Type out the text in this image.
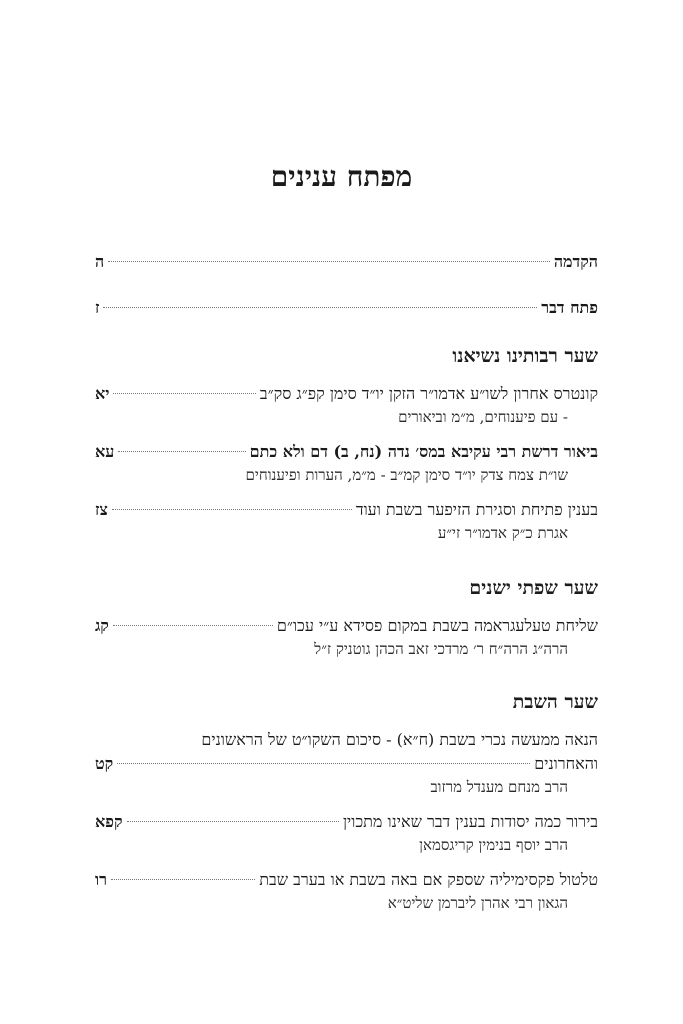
מפתח ענינים
הקדמה
ה
פתח דבר
ז
שער רבותינו נשיאנו
קונטרס אחרון לשו״ע אדמו״ר הזקן יו״ד סימן קפ״ג סק״ב
יא
- עם פיענוחים, מ״מ וביאורים
ביאור דרשת רבי עקיבא במס׳ נדה (נח, ב) דם ולא כתם
עא
שו״ת צמח צדק יו״ד סימן קמ״ב - מ״מ, הערות ופיענוחים
בענין פתיחת וסגירת הזיפער בשבת ועוד
צז
אגרת כ״ק אדמו״ר זי״ע
שער שפתי ישנים
שליחת טעלעגראמה בשבת במקום פסידא ע״י עכו״ם
קג
הרה״ג הרה״ח ר׳ מרדכי זאב הכהן גוטניק ז״ל
שער השבת
הנאה ממעשה נכרי בשבת (ח״א) - סיכום השקו״ט של הראשונים
והאחרונים
קט
הרב מנחם מענדל מרזוב
בירור כמה יסודות בענין דבר שאינו מתכוין
קפא
הרב יוסף בנימין קריגסמאן
טלטול פקסימיליה שספק אם באה בשבת או בערב שבת
רו
הגאון רבי אהרן ליברמן שליט״א
